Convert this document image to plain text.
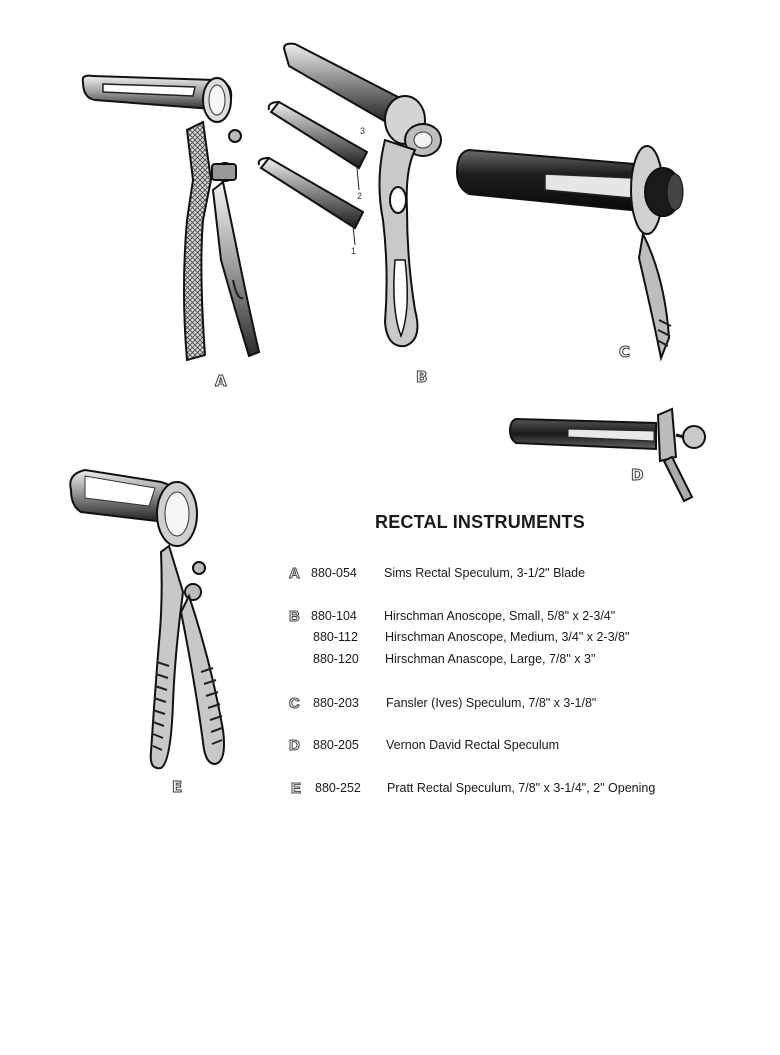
A
3
2
1
B
C
D
E
RECTAL INSTRUMENTS
A 880-054 Sims Rectal Speculum, 3-1/2" Blade
B 880-104 Hirschman Anoscope, Small, 5/8" x 2-3/4"
880-112 Hirschman Anoscope, Medium, 3/4" x 2-3/8"
880-120 Hirschman Anascope, Large, 7/8" x 3"
C 880-203 Fansler (Ives) Speculum, 7/8" x 3-1/8"
D 880-205 Vernon David Rectal Speculum
E 880-252 Pratt Rectal Speculum, 7/8" x 3-1/4", 2" Opening
